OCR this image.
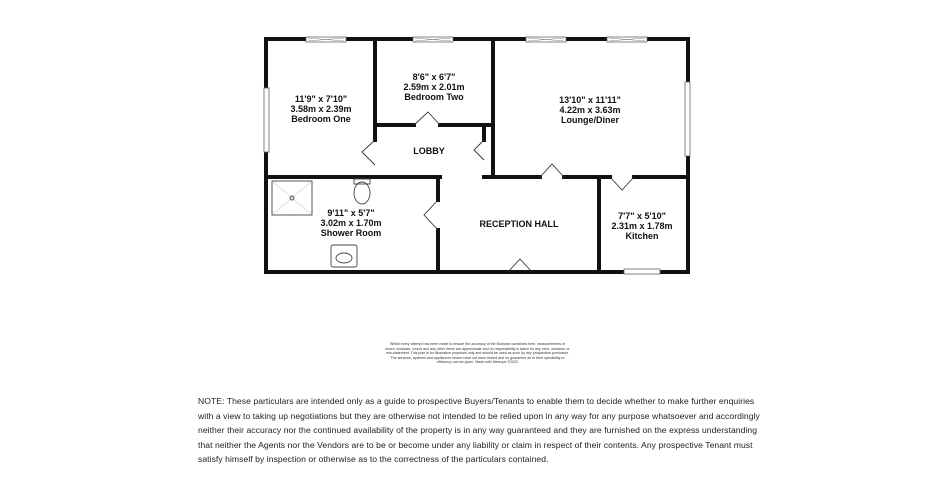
11'9" x 7'10"
3.58m x 2.39m
Bedroom One
8'6" x 6'7"
2.59m x 2.01m
Bedroom Two	13'10" x 11'11"
4.22m x 3.63m
Lounge/Diner
LOBBY
9'11" x 5'7"
3.02m x 1.70m
Shower Room
RECEPTION HALL
7'7" x 5'10"
2.31m x 1.78m
Kitchen
Whilst every attempt has been made to ensure the accuracy of the floorplan contained here, measurements of doors, windows, rooms and any other items are approximate and no responsibility is taken for any error, omission or mis-statement. This plan is for illustrative purposes only and should be used as such by any prospective purchaser. The services, systems and appliances shown have not been tested and no guarantee as to their operability or efficiency can be given. Made with Metropix ©2023
NOTE: These particulars are intended only as a guide to prospective Buyers/Tenants to enable them to decide whether to make further enquiries with a view to taking up negotiations but they are otherwise not intended to be relied upon in any way for any purpose whatsoever and accordingly neither their accuracy nor the continued availability of the property is in any way guaranteed and they are furnished on the express understanding that neither the Agents nor the Vendors are to be or become under any liability or claim in respect of their contents. Any prospective Tenant must satisfy himself by inspection or otherwise as to the correctness of the particulars contained.
